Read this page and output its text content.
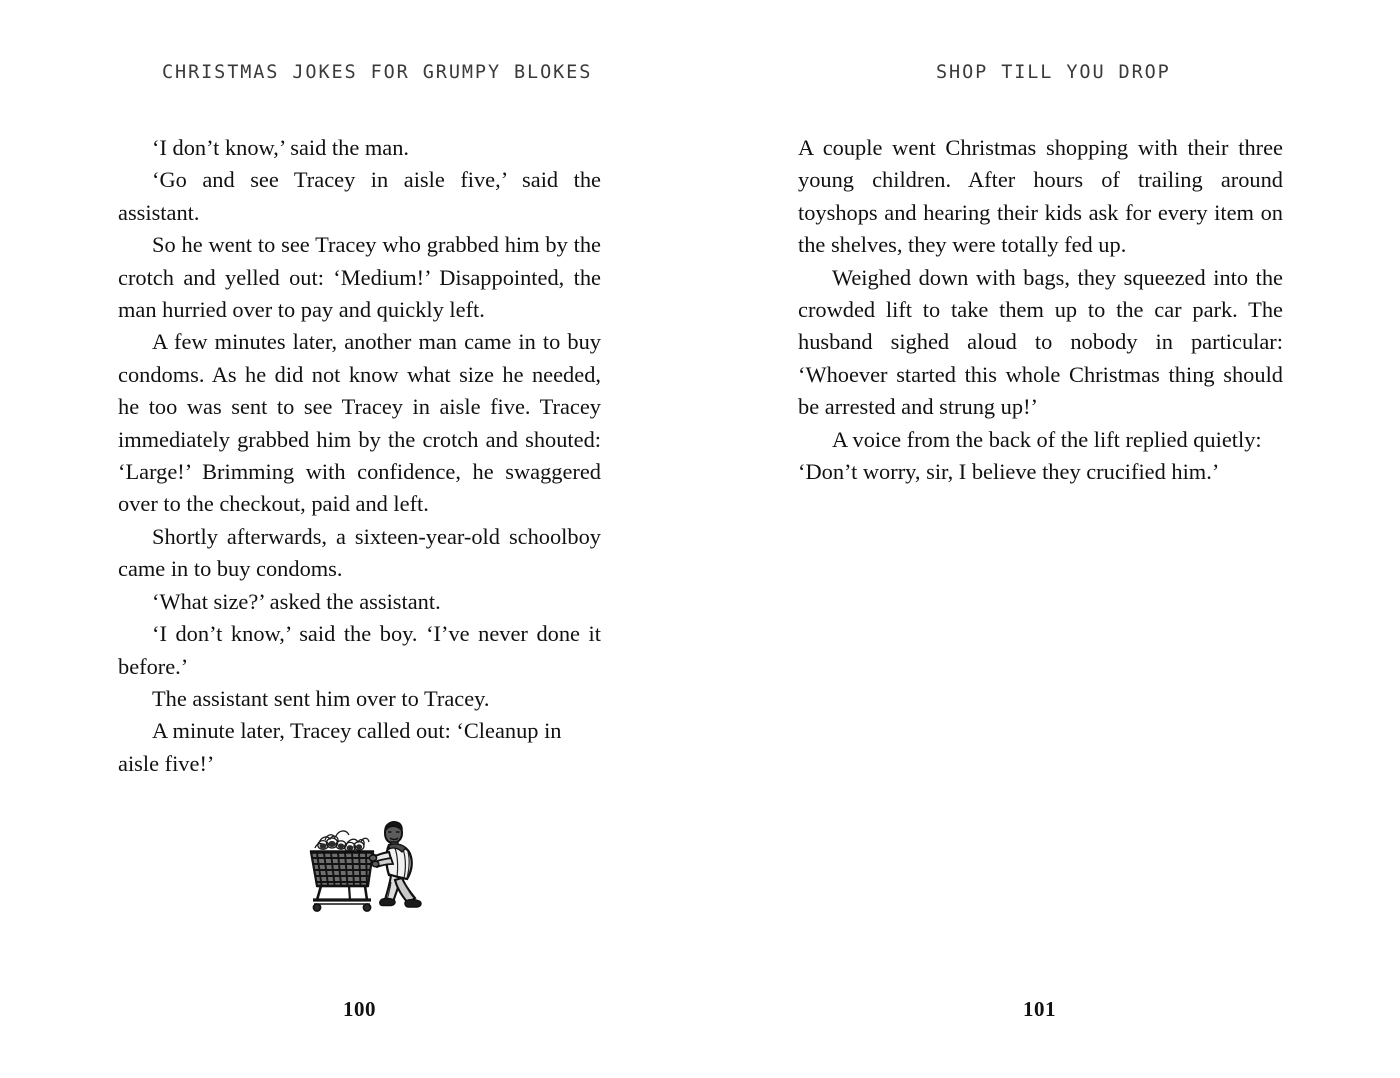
CHRISTMAS JOKES FOR GRUMPY BLOKES

‘I don’t know,’ said the man.

‘Go and see Tracey in aisle five,’ said the assistant.

So he went to see Tracey who grabbed him by the crotch and yelled out: ‘Medium!’ Disappointed, the man hurried over to pay and quickly left.

A few minutes later, another man came in to buy condoms. As he did not know what size he needed, he too was sent to see Tracey in aisle five. Tracey immediately grabbed him by the crotch and shouted: ‘Large!’ Brimming with confidence, he swaggered over to the checkout, paid and left.

Shortly afterwards, a sixteen-year-old schoolboy came in to buy condoms.

‘What size?’ asked the assistant.

‘I don’t know,’ said the boy. ‘I’ve never done it before.’

The assistant sent him over to Tracey.

A minute later, Tracey called out: ‘Cleanup in aisle five!’

100
SHOP TILL YOU DROP

A couple went Christmas shopping with their three young children. After hours of trailing around toyshops and hearing their kids ask for every item on the shelves, they were totally fed up.

Weighed down with bags, they squeezed into the crowded lift to take them up to the car park. The husband sighed aloud to nobody in particular: ‘Whoever started this whole Christmas thing should be arrested and strung up!’

A voice from the back of the lift replied quietly: ‘Don’t worry, sir, I believe they crucified him.’

101
